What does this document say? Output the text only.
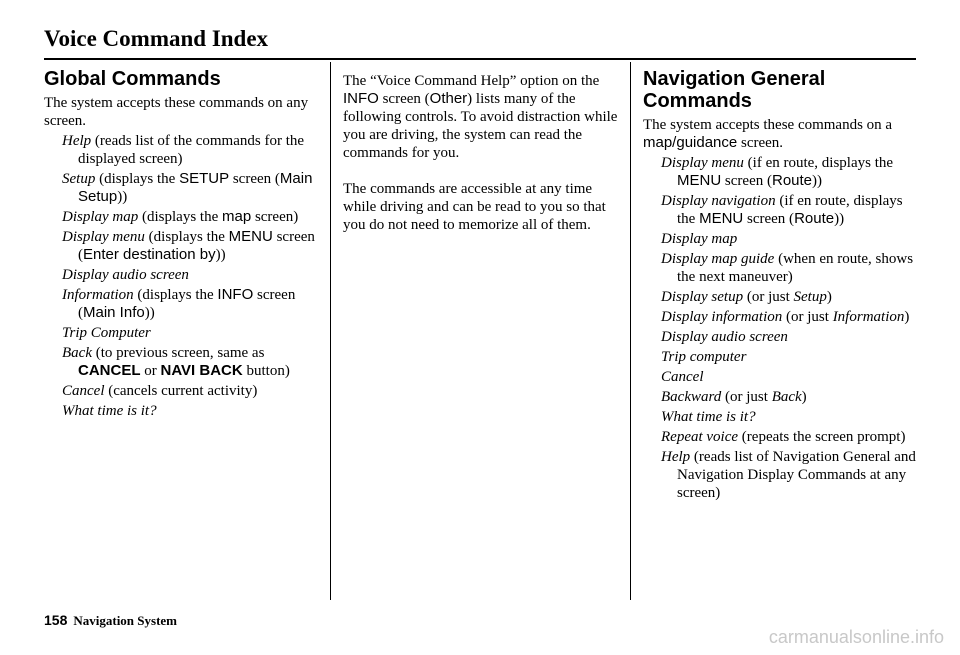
Voice Command Index
Global Commands

The system accepts these commands on any screen.

Help (reads list of the commands for the displayed screen)

Setup (displays the SETUP screen (Main Setup))

Display map (displays the map screen)

Display menu (displays the MENU screen (Enter destination by))

Display audio screen

Information (displays the INFO screen (Main Info))

Trip Computer

Back (to previous screen, same as CANCEL or NAVI BACK button)

Cancel (cancels current activity)

What time is it?

The “Voice Command Help” option on the INFO screen (Other) lists many of the following controls. To avoid distraction while you are driving, the system can read the commands for you.

The commands are accessible at any time while driving and can be read to you so that you do not need to memorize all of them.

Navigation General Commands

The system accepts these commands on a map/guidance screen.

Display menu (if en route, displays the MENU screen (Route))

Display navigation (if en route, displays the MENU screen (Route))

Display map

Display map guide (when en route, shows the next maneuver)

Display setup (or just Setup)

Display information (or just Information)

Display audio screen

Trip computer

Cancel

Backward (or just Back)

What time is it?

Repeat voice (repeats the screen prompt)

Help (reads list of Navigation General and Navigation Display Commands at any screen)

158 Navigation System
carmanualsonline.info
